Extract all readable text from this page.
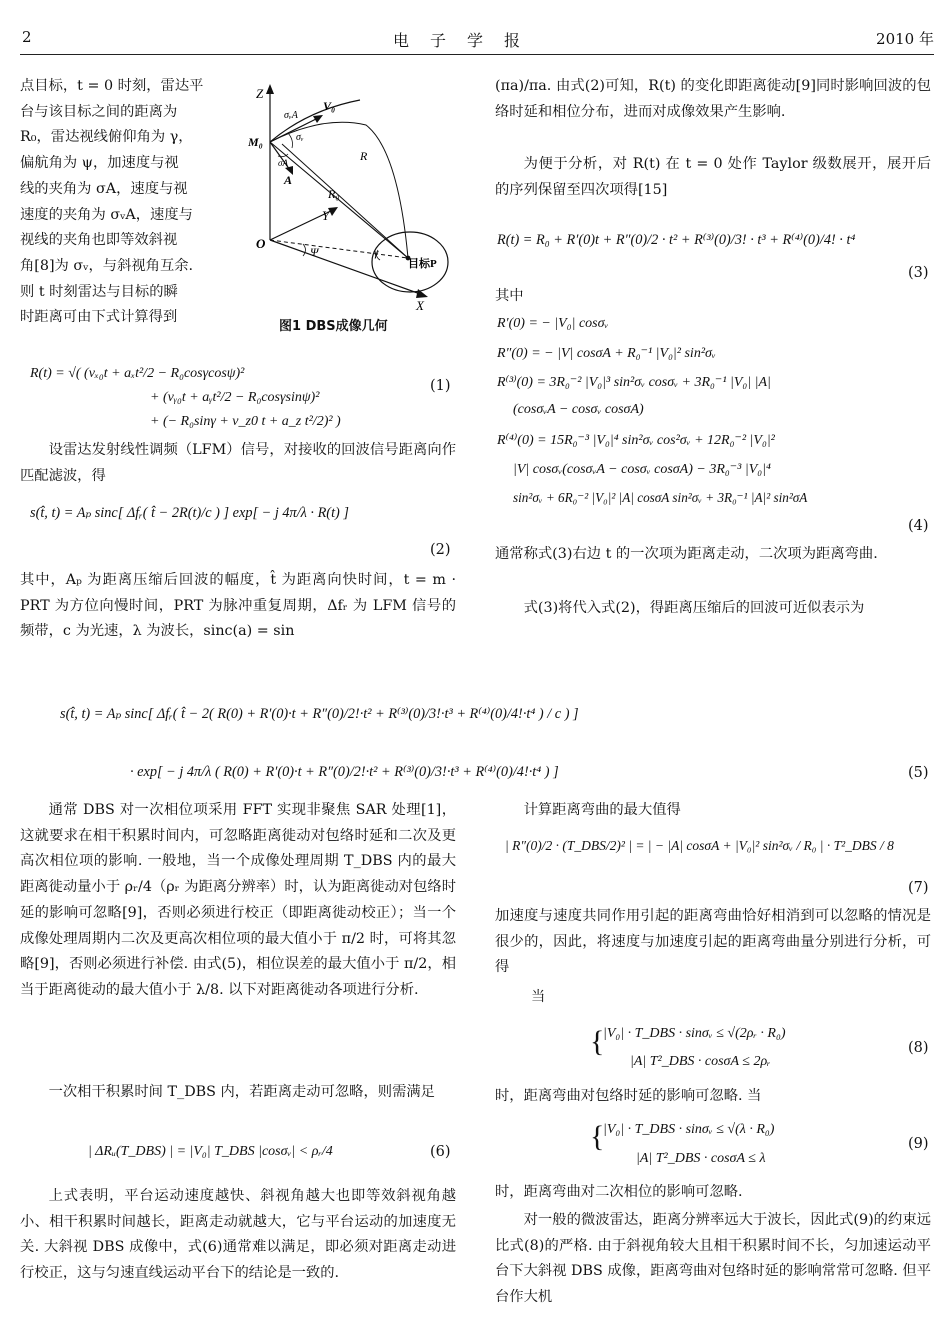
2	电子学报	2010 年
点目标，t = 0 时刻，雷达平
台与该目标之间的距离为
R₀，雷达视线俯仰角为 γ，
偏航角为 ψ，加速度与视
线的夹角为 σA，速度与视
速度的夹角为 σᵥA，速度与
视线的夹角也即等效斜视
角[8]为 σᵥ，与斜视角互余.
则 t 时刻雷达与目标的瞬
时距离可由下式计算得到
Z
Y
X
O
M₀
V₀
A
R₀
R
目标P
σᵥA
σᵥ
σA
Ψ	γ
图1 DBS成像几何
R(t) = √( (vₓ₀t + aₓt²/2 − R₀cosγcosψ)²
+ (vᵧ₀t + aᵧt²/2 − R₀cosγsinψ)²
+ (− R₀sinγ + v_z0 t + a_z t²/2)² )
(1)
设雷达发射线性调频（LFM）信号，对接收的回波信号距离向作匹配滤波，得
s(t̂, t) = Aₚ sinc[ Δfᵣ( t̂ − 2R(t)/c ) ] exp[ − j 4π/λ · R(t) ]
(2)
其中，Aₚ 为距离压缩后回波的幅度，t̂ 为距离向快时间，t = m · PRT 为方位向慢时间，PRT 为脉冲重复周期，Δfᵣ 为 LFM 信号的频带，c 为光速，λ 为波长，sinc(a) = sin
(πa)/πa. 由式(2)可知，R(t) 的变化即距离徙动[9]同时影响回波的包络时延和相位分布，进而对成像效果产生影响.
为便于分析，对 R(t) 在 t = 0 处作 Taylor 级数展开，展开后的序列保留至四次项得[15]
R(t) = R₀ + R′(0)t + R″(0)/2 · t² + R⁽³⁾(0)/3! · t³ + R⁽⁴⁾(0)/4! · t⁴
(3)
其中
R′(0) = − |V₀| cosσᵥ
R″(0) = − |V| cosσA + R₀⁻¹ |V₀|² sin²σᵥ
R⁽³⁾(0) = 3R₀⁻² |V₀|³ sin²σᵥ cosσᵥ + 3R₀⁻¹ |V₀| |A|
(cosσᵥA − cosσᵥ cosσA)
R⁽⁴⁾(0) = 15R₀⁻³ |V₀|⁴ sin²σᵥ cos²σᵥ + 12R₀⁻² |V₀|²
|V| cosσᵥ(cosσᵥA − cosσᵥ cosσA) − 3R₀⁻³ |V₀|⁴
sin²σᵥ + 6R₀⁻² |V₀|² |A| cosσA sin²σᵥ + 3R₀⁻¹ |A|² sin²σA
(4)
通常称式(3)右边 t 的一次项为距离走动，二次项为距离弯曲.
式(3)将代入式(2)，得距离压缩后的回波可近似表示为
s(t̂, t) = Aₚ sinc[ Δfᵣ( t̂ − 2( R(0) + R′(0)·t + R″(0)/2!·t² + R⁽³⁾(0)/3!·t³ + R⁽⁴⁾(0)/4!·t⁴ ) / c ) ]
· exp[ − j 4π/λ ( R(0) + R′(0)·t + R″(0)/2!·t² + R⁽³⁾(0)/3!·t³ + R⁽⁴⁾(0)/4!·t⁴ ) ]	(5)
通常 DBS 对一次相位项采用 FFT 实现非聚焦 SAR 处理[1]，这就要求在相干积累时间内，可忽略距离徙动对包络时延和二次及更高次相位项的影响. 一般地，当一个成像处理周期 T_DBS 内的最大距离徙动量小于 ρᵣ/4（ρᵣ 为距离分辨率）时，认为距离徙动对包络时延的影响可忽略[9]，否则必须进行校正（即距离徙动校正）；当一个成像处理周期内二次及更高次相位项的最大值小于 π/2 时，可将其忽略[9]，否则必须进行补偿. 由式(5)，相位误差的最大值小于 π/2，相当于距离徙动的最大值小于 λ/8. 以下对距离徙动各项进行分析.
一次相干积累时间 T_DBS 内，若距离走动可忽略，则需满足
| ΔRᵤ(T_DBS) | = |V₀| T_DBS |cosσᵥ| < ρᵣ/4	(6)
上式表明，平台运动速度越快、斜视角越大也即等效斜视角越小、相干积累时间越长，距离走动就越大，它与平台运动的加速度无关. 大斜视 DBS 成像中，式(6)通常难以满足，即必须对距离走动进行校正，这与匀速直线运动平台下的结论是一致的.
计算距离弯曲的最大值得
| R″(0)/2 · (T_DBS/2)² | = | − |A| cosσA + |V₀|² sin²σᵥ / R₀ | · T²_DBS / 8
(7)
加速度与速度共同作用引起的距离弯曲恰好相消到可以忽略的情况是很少的，因此，将速度与加速度引起的距离弯曲量分别进行分析，可得
当
{
|V₀| · T_DBS · sinσᵥ ≤ √(2ρᵣ · R₀)
|A| T²_DBS · cosσA ≤ 2ρᵣ
(8)
时，距离弯曲对包络时延的影响可忽略. 当
{
|V₀| · T_DBS · sinσᵥ ≤ √(λ · R₀)
|A| T²_DBS · cosσA ≤ λ
(9)
时，距离弯曲对二次相位的影响可忽略.
对一般的微波雷达，距离分辨率远大于波长，因此式(9)的约束远比式(8)的严格. 由于斜视角较大且相干积累时间不长，匀加速运动平台下大斜视 DBS 成像，距离弯曲对包络时延的影响常常可忽略. 但平台作大机
